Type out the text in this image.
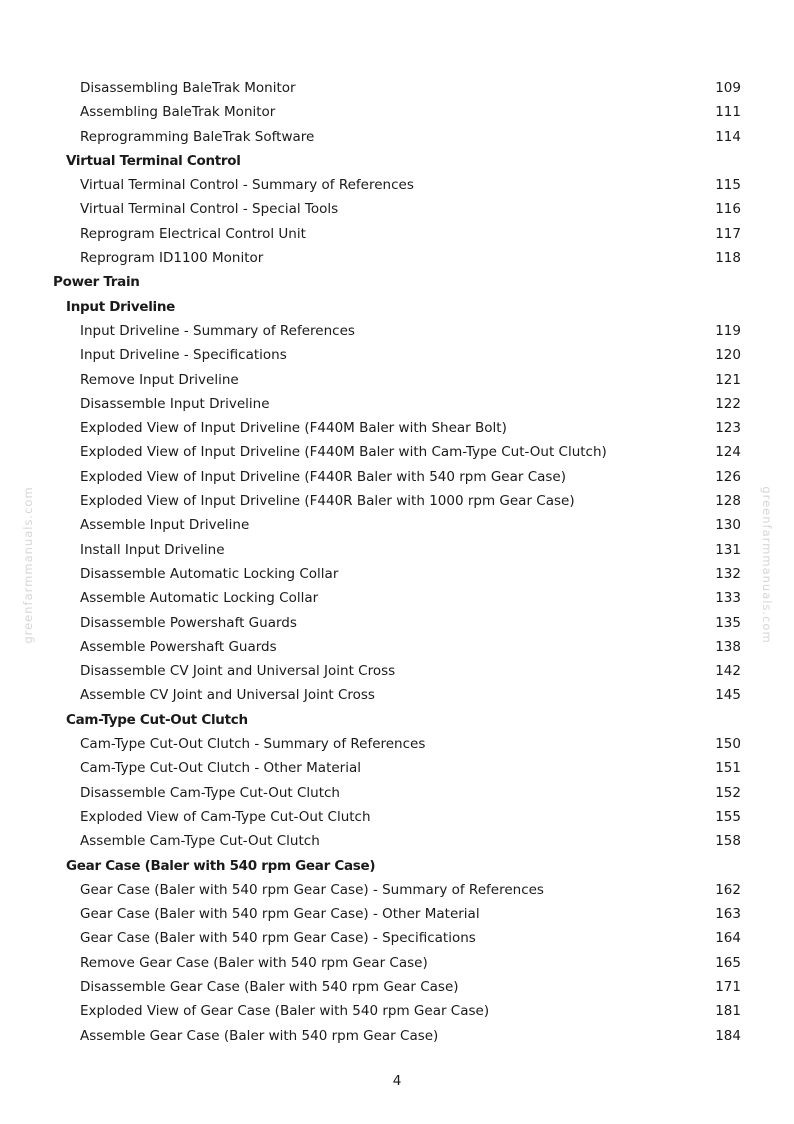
greenfarmmanuals.com	greenfarmmanuals.com
Disassembling BaleTrak Monitor	109
Assembling BaleTrak Monitor	111
Reprogramming BaleTrak Software	114
Virtual Terminal Control
Virtual Terminal Control - Summary of References	115
Virtual Terminal Control - Special Tools	116
Reprogram Electrical Control Unit	117
Reprogram ID1100 Monitor	118
Power Train
Input Driveline
Input Driveline - Summary of References	119
Input Driveline - Specifications	120
Remove Input Driveline	121
Disassemble Input Driveline	122
Exploded View of Input Driveline (F440M Baler with Shear Bolt)	123
Exploded View of Input Driveline (F440M Baler with Cam-Type Cut-Out Clutch)	124
Exploded View of Input Driveline (F440R Baler with 540 rpm Gear Case)	126
Exploded View of Input Driveline (F440R Baler with 1000 rpm Gear Case)	128
Assemble Input Driveline	130
Install Input Driveline	131
Disassemble Automatic Locking Collar	132
Assemble Automatic Locking Collar	133
Disassemble Powershaft Guards	135
Assemble Powershaft Guards	138
Disassemble CV Joint and Universal Joint Cross	142
Assemble CV Joint and Universal Joint Cross	145
Cam-Type Cut-Out Clutch
Cam-Type Cut-Out Clutch - Summary of References	150
Cam-Type Cut-Out Clutch - Other Material	151
Disassemble Cam-Type Cut-Out Clutch	152
Exploded View of Cam-Type Cut-Out Clutch	155
Assemble Cam-Type Cut-Out Clutch	158
Gear Case (Baler with 540 rpm Gear Case)
Gear Case (Baler with 540 rpm Gear Case) - Summary of References	162
Gear Case (Baler with 540 rpm Gear Case) - Other Material	163
Gear Case (Baler with 540 rpm Gear Case) - Specifications	164
Remove Gear Case (Baler with 540 rpm Gear Case)	165
Disassemble Gear Case (Baler with 540 rpm Gear Case)	171
Exploded View of Gear Case (Baler with 540 rpm Gear Case)	181
Assemble Gear Case (Baler with 540 rpm Gear Case)	184
4
